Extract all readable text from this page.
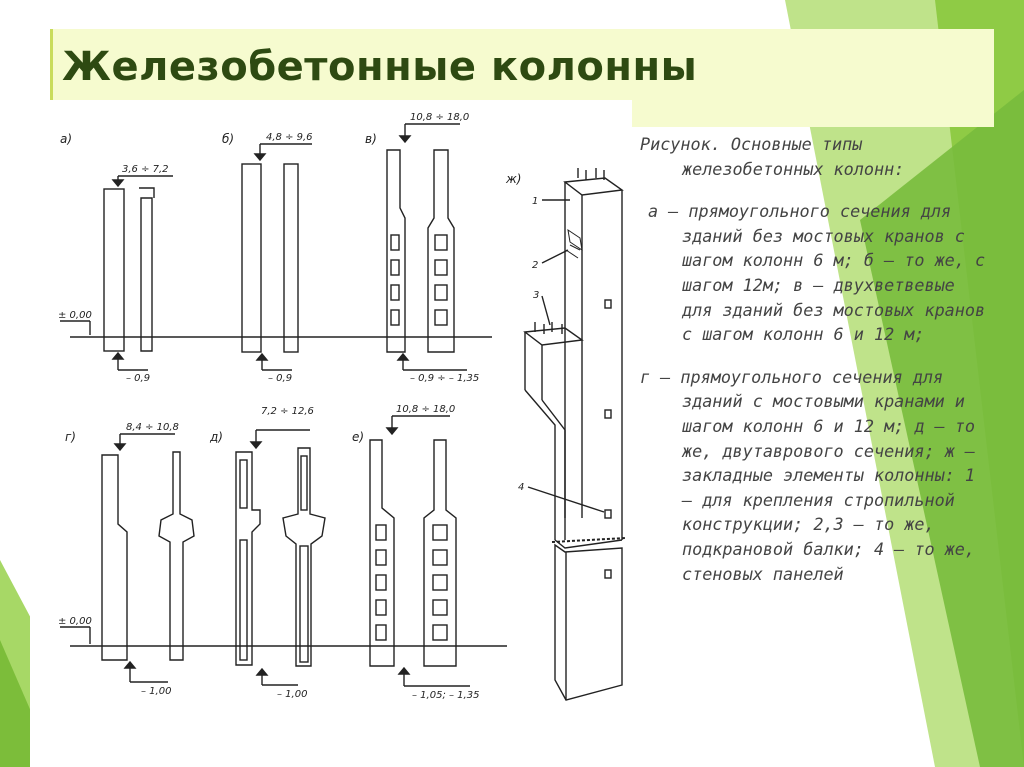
Железобетонные колонны
а)	б)	в)
г)	д)	е)
ж)
3,6 ÷ 7,2
± 0,00
– 0,9
4,8 ÷ 9,6
– 0,9
10,8 ÷ 18,0
– 0,9 ÷ – 1,35
8,4 ÷ 10,8
± 0,00
– 1,00
7,2 ÷ 12,6
– 1,00
10,8 ÷ 18,0
– 1,05; – 1,35
1
2
3
4

Рисунок. Основные типы железобетонных колонн:

а – прямоугольного сечения для зданий без мостовых кранов с шагом колонн 6 м; б – то же, с шагом 12м; в – двухветвевые для зданий без мостовых кранов с шагом колонн 6 и 12 м;

г – прямоугольного сечения для зданий с мостовыми кранами и шагом колонн 6 и 12 м; д – то же, двутаврового сечения; ж – закладные элементы колонны: 1 – для крепления стропильной конструкции; 2,3 – то же, подкрановой балки; 4 – то же, стеновых панелей
